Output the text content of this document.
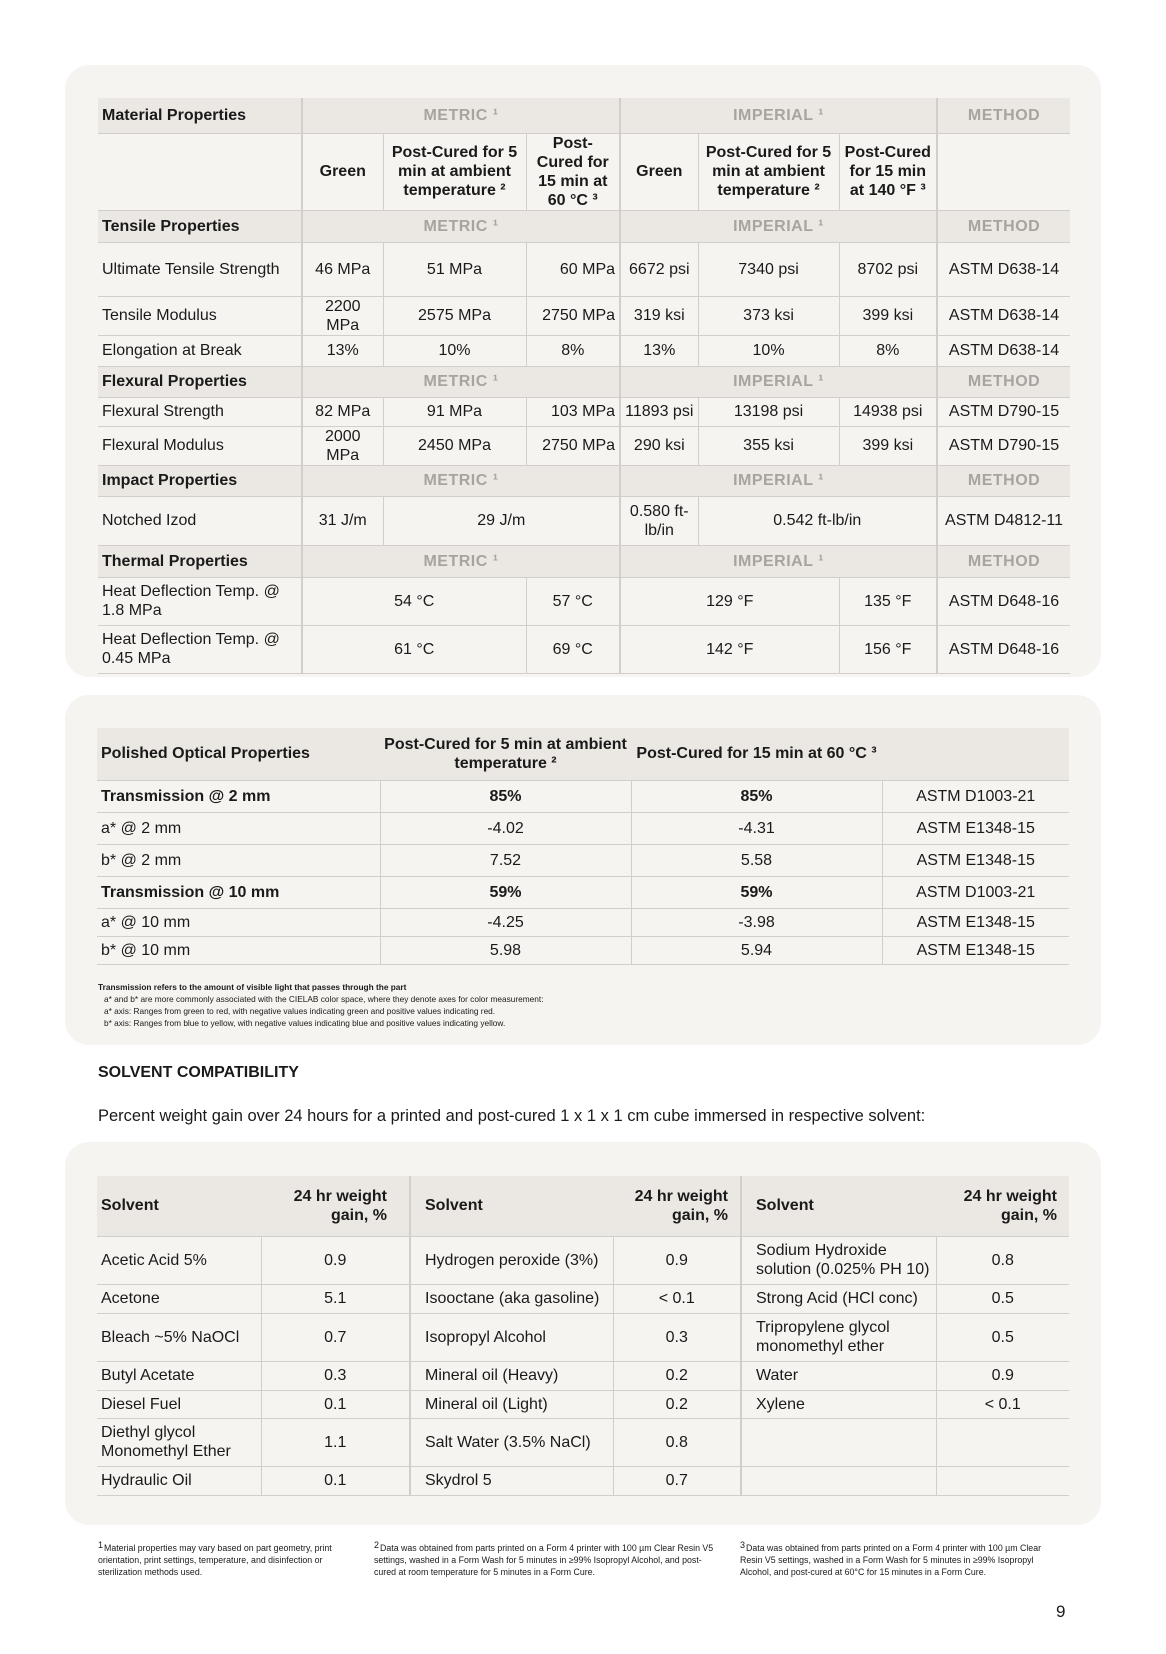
Material Properties	METRIC ¹			IMPERIAL ¹			METHOD
	Green	Post-Cured for 5 min at ambient temperature ²	Post-Cured for 15 min at 60 °C ³	Green	Post-Cured for 5 min at ambient temperature ²	Post-Cured for 15 min at 140 °F ³	
Tensile Properties	METRIC ¹			IMPERIAL ¹			METHOD
Ultimate Tensile Strength	46 MPa	51 MPa	60 MPa	6672 psi	7340 psi	8702 psi	ASTM D638-14
Tensile Modulus	2200 MPa	2575 MPa	2750 MPa	319 ksi	373 ksi	399 ksi	ASTM D638-14
Elongation at Break	13%	10%	8%	13%	10%	8%	ASTM D638-14
Flexural Properties	METRIC ¹			IMPERIAL ¹			METHOD
Flexural Strength	82 MPa	91 MPa	103 MPa	11893 psi	13198 psi	14938 psi	ASTM D790-15
Flexural Modulus	2000 MPa	2450 MPa	2750 MPa	290 ksi	355 ksi	399 ksi	ASTM D790-15
Impact Properties	METRIC ¹			IMPERIAL ¹			METHOD
Notched Izod	31 J/m	29 J/m		0.580 ft-lb/in	0.542 ft-lb/in		ASTM D4812-11
Thermal Properties	METRIC ¹			IMPERIAL ¹			METHOD
Heat Deflection Temp. @ 1.8 MPa	54 °C		57 °C	129 °F		135 °F	ASTM D648-16
Heat Deflection Temp. @ 0.45 MPa	61 °C		69 °C	142 °F		156 °F	ASTM D648-16
Polished Optical Properties	Post-Cured for 5 min at ambient temperature ²	Post-Cured for 15 min at 60 °C ³	
Transmission @ 2 mm	85%	85%	ASTM D1003-21
a* @ 2 mm	-4.02	-4.31	ASTM E1348-15
b* @ 2 mm	7.52	5.58	ASTM E1348-15
Transmission @ 10 mm	59%	59%	ASTM D1003-21
a* @ 10 mm	-4.25	-3.98	ASTM E1348-15
b* @ 10 mm	5.98	5.94	ASTM E1348-15
Transmission refers to the amount of visible light that passes through the part
a* and b* are more commonly associated with the CIELAB color space, where they denote axes for color measurement:
a* axis: Ranges from green to red, with negative values indicating green and positive values indicating red.
b* axis: Ranges from blue to yellow, with negative values indicating blue and positive values indicating yellow.
SOLVENT COMPATIBILITY
Percent weight gain over 24 hours for a printed and post-cured 1 x 1 x 1 cm cube immersed in respective solvent:
Solvent	24 hr weight gain, %	Solvent	24 hr weight gain, %	Solvent	24 hr weight gain, %
Acetic Acid 5%	0.9	Hydrogen peroxide (3%)	0.9	Sodium Hydroxide solution (0.025% PH 10)	0.8
Acetone	5.1	Isooctane (aka gasoline)	< 0.1	Strong Acid (HCl conc)	0.5
Bleach ~5% NaOCl	0.7	Isopropyl Alcohol	0.3	Tripropylene glycol monomethyl ether	0.5
Butyl Acetate	0.3	Mineral oil (Heavy)	0.2	Water	0.9
Diesel Fuel	0.1	Mineral oil (Light)	0.2	Xylene	< 0.1
Diethyl glycol Monomethyl Ether	1.1	Salt Water (3.5% NaCl)	0.8		
Hydraulic Oil	0.1	Skydrol 5	0.7		
$^1$Material properties may vary based on part geometry, print orientation, print settings, temperature, and disinfection or sterilization methods used.
$^2$Data was obtained from parts printed on a Form 4 printer with 100 µm Clear Resin V5 settings, washed in a Form Wash for 5 minutes in ≥99% Isopropyl Alcohol, and post-cured at room temperature for 5 minutes in a Form Cure.
$^3$Data was obtained from parts printed on a Form 4 printer with 100 µm Clear Resin V5 settings, washed in a Form Wash for 5 minutes in ≥99% Isopropyl Alcohol, and post-cured at 60°C for 15 minutes in a Form Cure.
9
